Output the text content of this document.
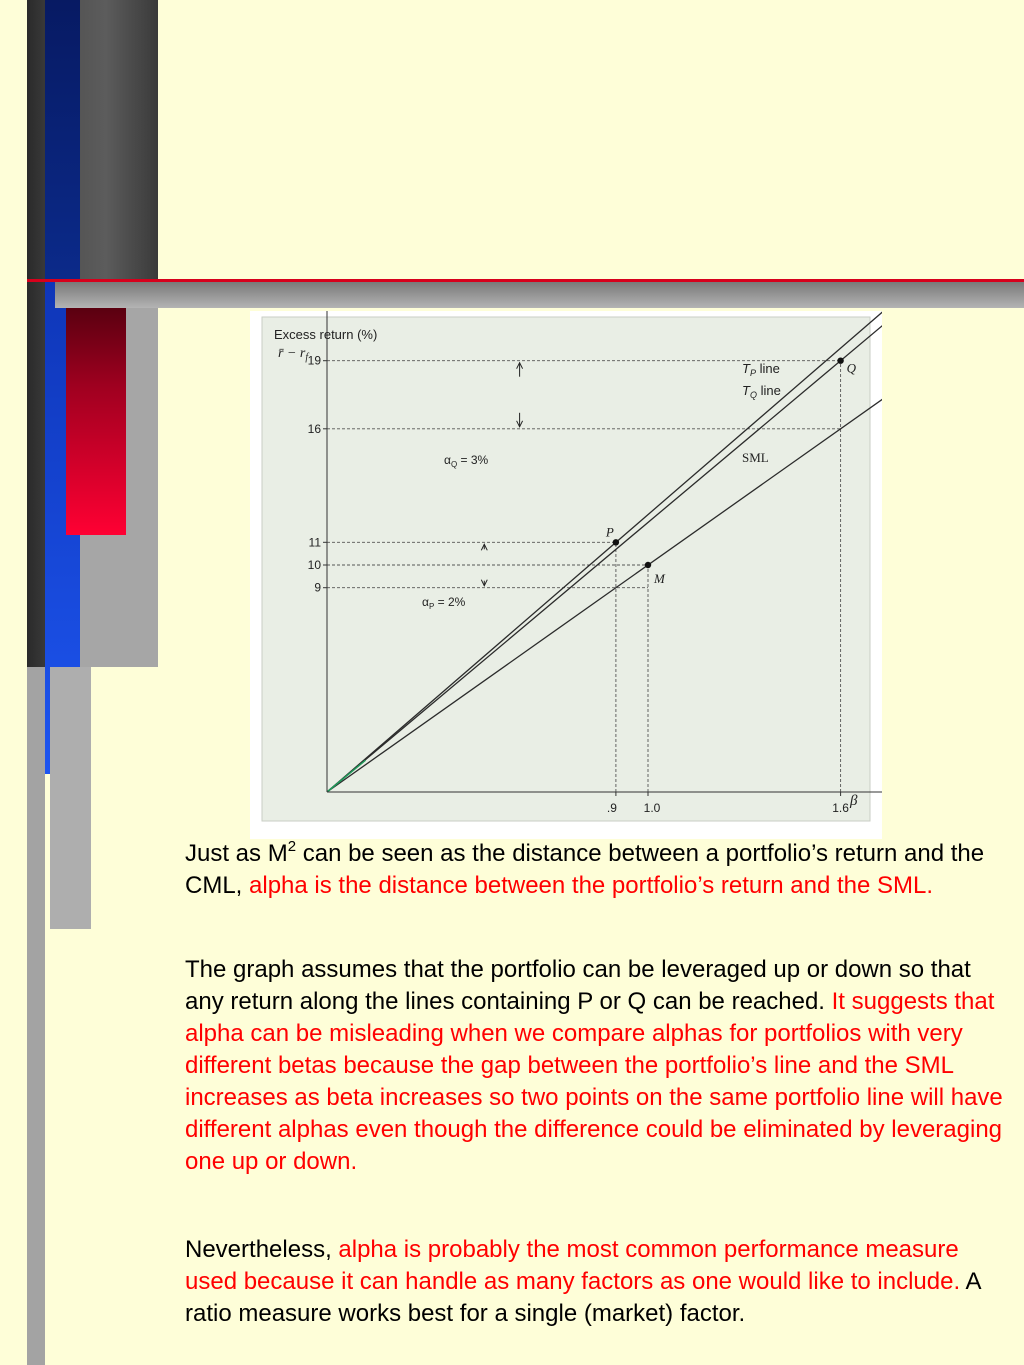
9
10
11
16
19
.9 1.0	1.6
P
M
Q
Excess return (%)
r̄ − $r_f$
β
$T_P$ line
$T_Q$ line
SML
$\alpha_Q = 3\%$
$\alpha_P = 2\%$

Just as $M^2$ can be seen as the distance between a portfolio’s return and the CML, alpha is the distance between the portfolio’s return and the SML.

The graph assumes that the portfolio can be leveraged up or down so that any return along the lines containing P or Q can be reached. It suggests that alpha can be misleading when we compare alphas for portfolios with very different betas because the gap between the portfolio’s line and the SML increases as beta increases so two points on the same portfolio line will have different alphas even though the difference could be eliminated by leveraging one up or down.

Nevertheless, alpha is probably the most common performance measure used because it can handle as many factors as one would like to include. A ratio measure works best for a single (market) factor.
